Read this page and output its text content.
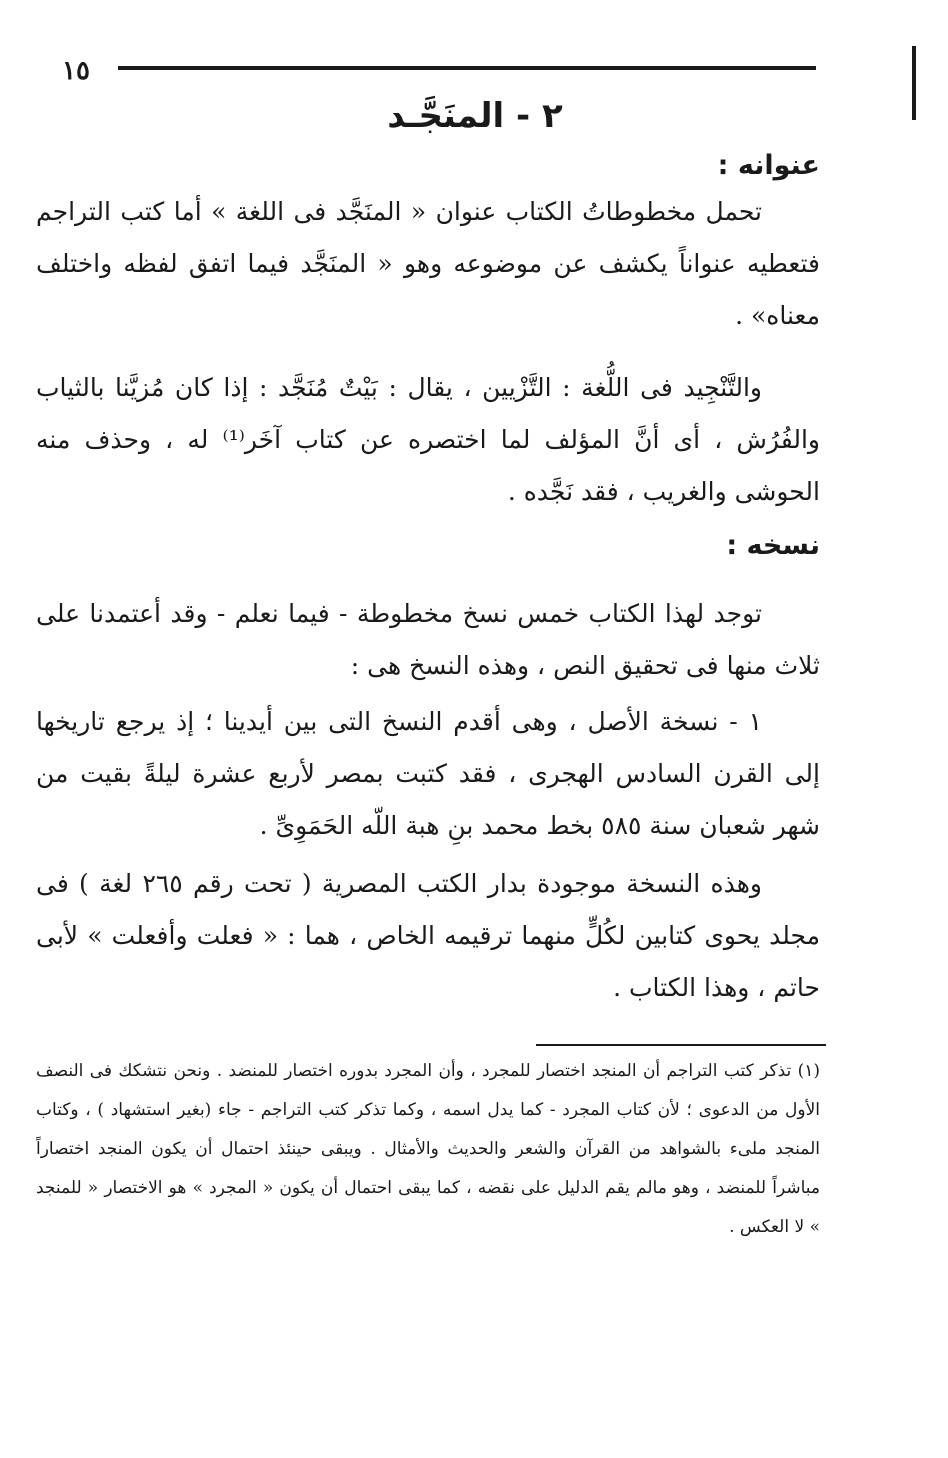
١٥
٢ - المنَجَّـد
عنوانه :

تحمل مخطوطاتُ الكتاب عنوان « المنَجَّد فى اللغة » أما كتب التراجم فتعطيه عنواناً يكشف عن موضوعه وهو « المنَجَّد فيما اتفق لفظه واختلف معناه» .

والتَّنْجِيد فى اللُّغة : التَّزْيين ، يقال : بَيْتٌ مُنَجَّد : إذا كان مُزيَّنا بالثياب والفُرُش ، أى أنَّ المؤلف لما اختصره عن كتاب آخَر⁽¹⁾ له ، وحذف منه الحوشى والغريب ، فقد نَجَّده .

نسخه :

توجد لهذا الكتاب خمس نسخ مخطوطة - فيما نعلم - وقد أعتمدنا على ثلاث منها فى تحقيق النص ، وهذه النسخ هى :

١ - نسخة الأصل ، وهى أقدم النسخ التى بين أيدينا ؛ إذ يرجع تاريخها إلى القرن السادس الهجرى ، فقد كتبت بمصر لأربع عشرة ليلةً بقيت من شهر شعبان سنة ٥٨٥ بخط محمد بنِ هبة اللّه الحَمَوِىِّ .

وهذه النسخة موجودة بدار الكتب المصرية ( تحت رقم ٢٦٥ لغة ) فى مجلد يحوى كتابين لكُلٍّ منهما ترقيمه الخاص ، هما : « فعلت وأفعلت » لأبى حاتم ، وهذا الكتاب .

(١) تذكر كتب التراجم أن المنجد اختصار للمجرد ، وأن المجرد بدوره اختصار للمنضد . ونحن نتشكك فى النصف الأول من الدعوى ؛ لأن كتاب المجرد - كما يدل اسمه ، وكما تذكر كتب التراجم - جاء (بغير استشهاد ) ، وكتاب المنجد ملىء بالشواهد من القرآن والشعر والحديث والأمثال . ويبقى حينئذ احتمال أن يكون المنجد اختصاراً مباشراً للمنضد ، وهو مالم يقم الدليل على نقضه ، كما يبقى احتمال أن يكون « المجرد » هو الاختصار « للمنجد » لا العكس .
